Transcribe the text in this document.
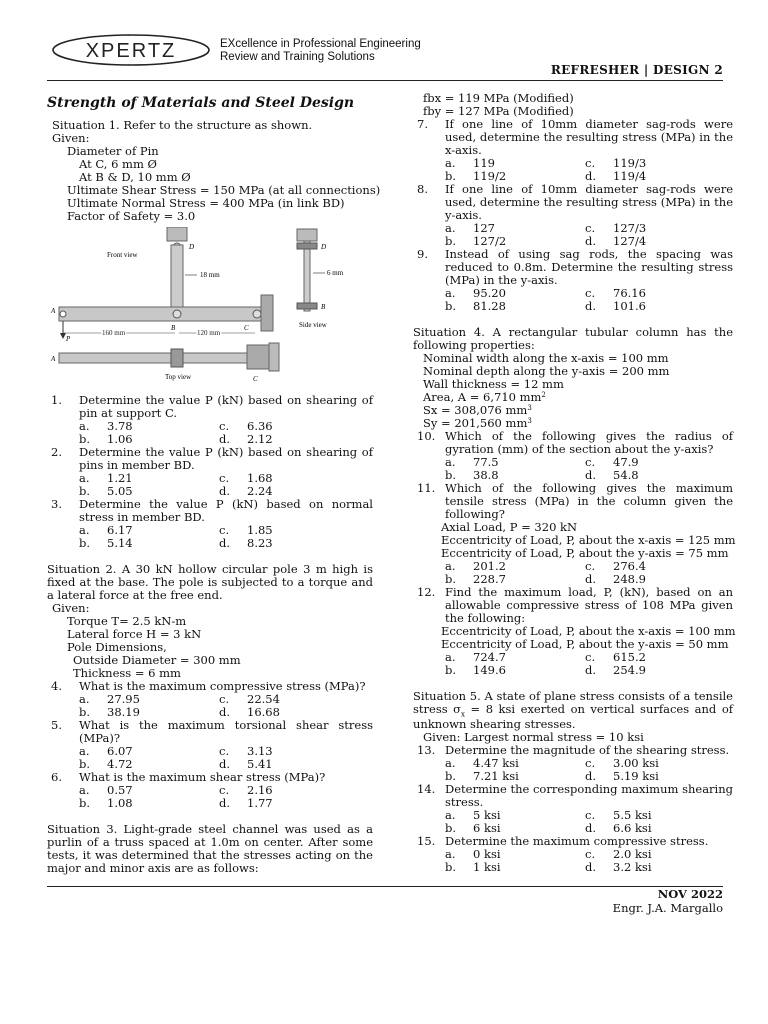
XPERTZ	EXcellence in Professional Engineering
Review and Training Solutions
REFRESHER | DESIGN 2
Strength of Materials and Steel Design
Situation 1. Refer to the structure as shown.
Given:
Diameter of Pin
At C, 6 mm Ø
At B & D, 10 mm Ø
Ultimate Shear Stress = 150 MPa (at all connections)
Ultimate Normal Stress = 400 MPa (in link BD)
Factor of Safety = 3.0
D
Front view
18 mm
A
B	C
P
160 mm	120 mm
D
B
6 mm
Side view
A
Top view	C
1.	Determine the value P (kN) based on shearing of pin at support C.
a.	3.78	c.	6.36
b.	1.06	d.	2.12
2.	Determine the value P (kN) based on shearing of pins in member BD.
a.	1.21	c.	1.68
b.	5.05	d.	2.24
3.	Determine the value P (kN) based on normal stress in member BD.
a.	6.17	c.	1.85
b.	5.14	d.	8.23
Situation 2. A 30 kN hollow circular pole 3 m high is fixed at the base. The pole is subjected to a torque and a lateral force at the free end.
Given:
Torque T= 2.5 kN-m
Lateral force H = 3 kN
Pole Dimensions,
Outside Diameter = 300 mm
Thickness = 6 mm
4.	What is the maximum compressive stress (MPa)?
a.	27.95	c.	22.54
b.	38.19	d.	16.68
5.	What is the maximum torsional shear stress (MPa)?
a.	6.07	c.	3.13
b.	4.72	d.	5.41
6.	What is the maximum shear stress (MPa)?
a.	0.57	c.	2.16
b.	1.08	d.	1.77
Situation 3. Light-grade steel channel was used as a purlin of a truss spaced at 1.0m on center. After some tests, it was determined that the stresses acting on the major and minor axis are as follows:
fbx = 119 MPa (Modified)
fby = 127 MPa (Modified)
7.	If one line of 10mm diameter sag-rods were used, determine the resulting stress (MPa) in the x-axis.
a.	119	c.	119/3
b.	119/2	d.	119/4
8.	If one line of 10mm diameter sag-rods were used, determine the resulting stress (MPa) in the y-axis.
a.	127	c.	127/3
b.	127/2	d.	127/4
9.	Instead of using sag rods, the spacing was reduced to 0.8m. Determine the resulting stress (MPa) in the y-axis.
a.	95.20	c.	76.16
b.	81.28	d.	101.6
Situation 4. A rectangular tubular column has the following properties:
Nominal width along the x-axis = 100 mm
Nominal depth along the y-axis = 200 mm
Wall thickness = 12 mm
Area, A = 6,710 $mm^2$
Sx = 308,076 $mm^3$
Sy = 201,560 $mm^3$
10. Which of the following gives the radius of gyration (mm) of the section about the y-axis?
a.	77.5	c.	47.9
b.	38.8	d.	54.8
11. Which of the following gives the maximum tensile stress (MPa) in the column given the following?
Axial Load, P = 320 kN
Eccentricity of Load, P, about the x-axis = 125 mm
Eccentricity of Load, P, about the y-axis = 75 mm
a.	201.2	c.	276.4
b.	228.7	d.	248.9
12. Find the maximum load, P, (kN), based on an allowable compressive stress of 108 MPa given the following:
Eccentricity of Load, P, about the x-axis = 100 mm
Eccentricity of Load, P, about the y-axis = 50 mm
a.	724.7	c.	615.2
b.	149.6	d.	254.9
Situation 5. A state of plane stress consists of a tensile stress $\sigma_x = 8$ ksi exerted on vertical surfaces and of unknown shearing stresses.
Given: Largest normal stress = 10 ksi
13. Determine the magnitude of the shearing stress.
a.	4.47 ksi	c.	3.00 ksi
b.	7.21 ksi	d.	5.19 ksi
14. Determine the corresponding maximum shearing stress.
a.	5 ksi	c.	5.5 ksi
b.	6 ksi	d.	6.6 ksi
15. Determine the maximum compressive stress.
a.	0 ksi	c.	2.0 ksi
b.	1 ksi	d.	3.2 ksi
NOV 2022
Engr. J.A. Margallo
